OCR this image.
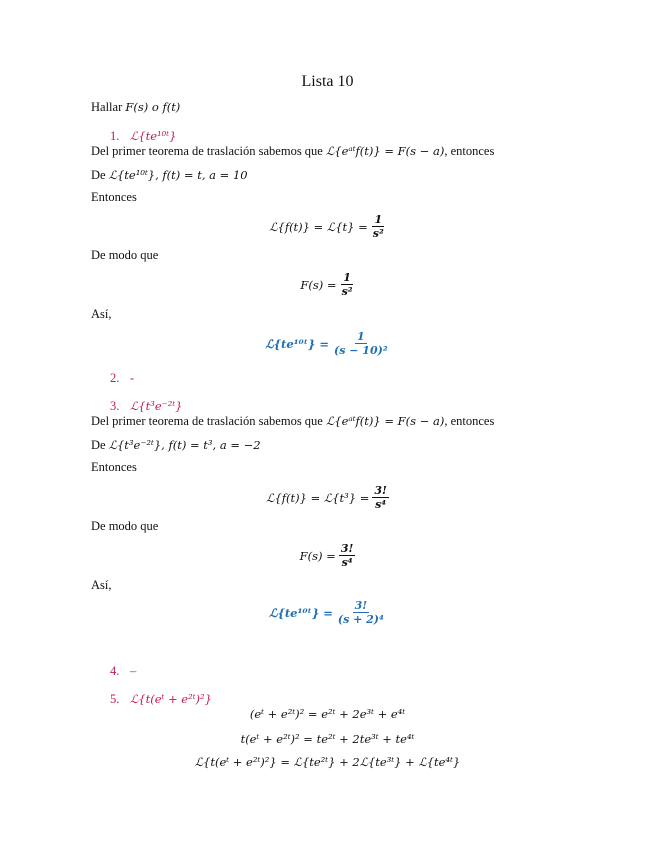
Lista 10
Hallar F(s) o f(t)
1. ℒ{te¹⁰ᵗ}
Del primer teorema de traslación sabemos que ℒ{eᵃᵗf(t)} = F(s − a), entonces
De ℒ{te¹⁰ᵗ}, f(t) = t, a = 10
Entonces
ℒ{f(t)} = ℒ{t} = $\frac{1}{\text{s²}}$
De modo que
$F(s) = \frac{1}{\text{s²}}$
Así,
ℒ{te¹⁰ᵗ} = $\frac{1}{\text{(s − 10)²}}$
2. -
3. ℒ{t³e⁻²ᵗ}
Del primer teorema de traslación sabemos que ℒ{eᵃᵗf(t)} = F(s − a), entonces
De ℒ{t³e⁻²ᵗ}, f(t) = t³, a = −2
Entonces
ℒ{f(t)} = ℒ{t³} = $\frac{3!}{\text{s⁴}}$
De modo que
$F(s) = \frac{3!}{\text{s⁴}}$
Así,
ℒ{te¹⁰ᵗ} = $\frac{3!}{\text{(s + 2)⁴}}$
4. –
5. ℒ{t(eᵗ + e²ᵗ)²}
(eᵗ + e²ᵗ)² = e²ᵗ + 2e³ᵗ + e⁴ᵗ
t(eᵗ + e²ᵗ)² = te²ᵗ + 2te³ᵗ + te⁴ᵗ
ℒ{t(eᵗ + e²ᵗ)²} = ℒ{te²ᵗ} + 2ℒ{te³ᵗ} + ℒ{te⁴ᵗ}
